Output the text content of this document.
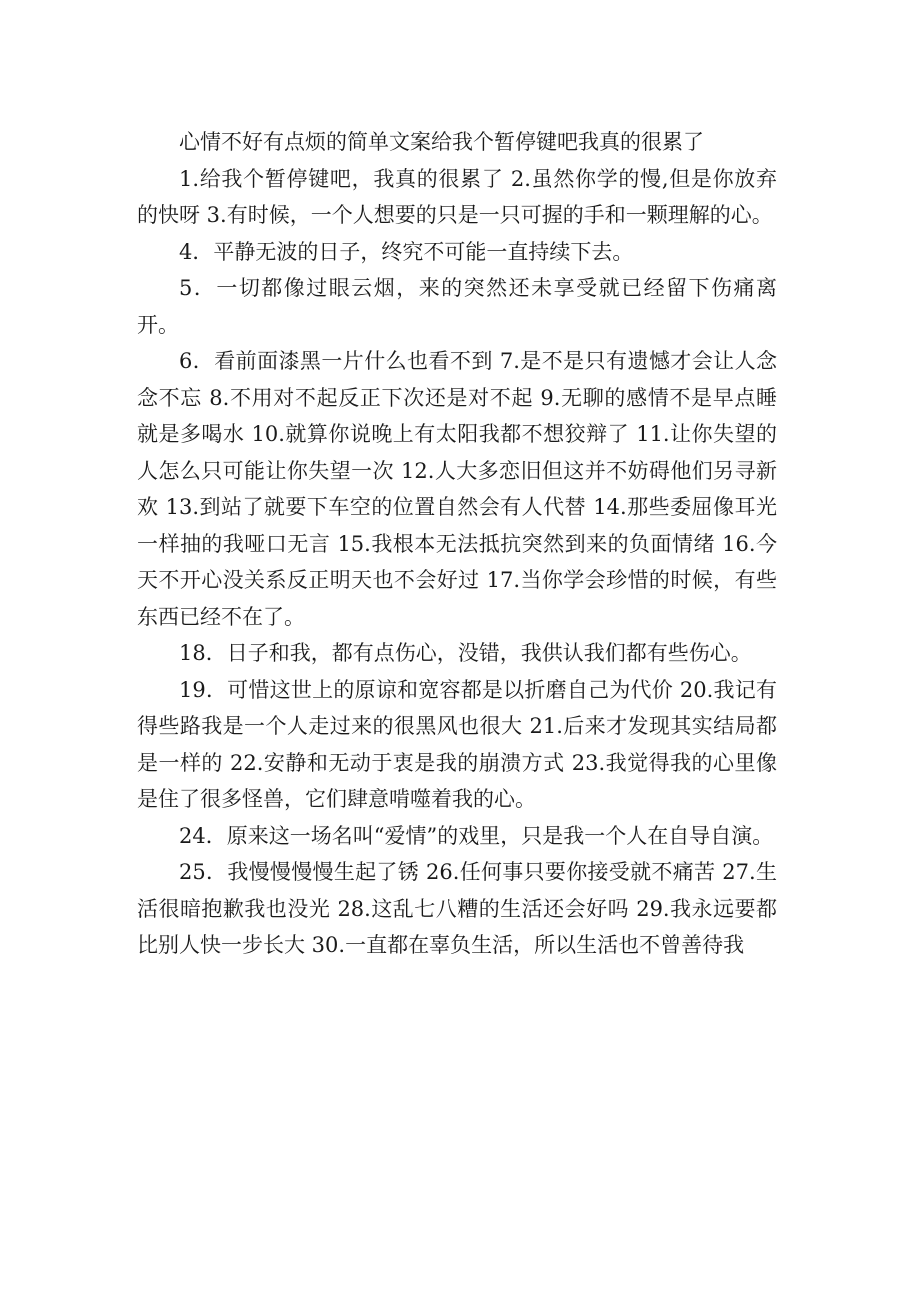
心情不好有点烦的简单文案给我个暂停键吧我真的很累了

1.给我个暂停键吧，我真的很累了 2.虽然你学的慢,但是你放弃的快呀 3.有时候，一个人想要的只是一只可握的手和一颗理解的心。

4．平静无波的日子，终究不可能一直持续下去。

5．一切都像过眼云烟，来的突然还未享受就已经留下伤痛离开。

6．看前面漆黑一片什么也看不到 7.是不是只有遗憾才会让人念念不忘 8.不用对不起反正下次还是对不起 9.无聊的感情不是早点睡就是多喝水 10.就算你说晚上有太阳我都不想狡辩了 11.让你失望的人怎么只可能让你失望一次 12.人大多恋旧但这并不妨碍他们另寻新欢 13.到站了就要下车空的位置自然会有人代替 14.那些委屈像耳光一样抽的我哑口无言 15.我根本无法抵抗突然到来的负面情绪 16.今天不开心没关系反正明天也不会好过 17.当你学会珍惜的时候，有些东西已经不在了。

18．日子和我，都有点伤心，没错，我供认我们都有些伤心。

19．可惜这世上的原谅和宽容都是以折磨自己为代价 20.我记有得些路我是一个人走过来的很黑风也很大 21.后来才发现其实结局都是一样的 22.安静和无动于衷是我的崩溃方式 23.我觉得我的心里像是住了很多怪兽，它们肆意啃噬着我的心。

24．原来这一场名叫“爱情”的戏里，只是我一个人在自导自演。

25．我慢慢慢慢生起了锈 26.任何事只要你接受就不痛苦 27.生活很暗抱歉我也没光 28.这乱七八糟的生活还会好吗 29.我永远要都比别人快一步长大 30.一直都在辜负生活，所以生活也不曾善待我
